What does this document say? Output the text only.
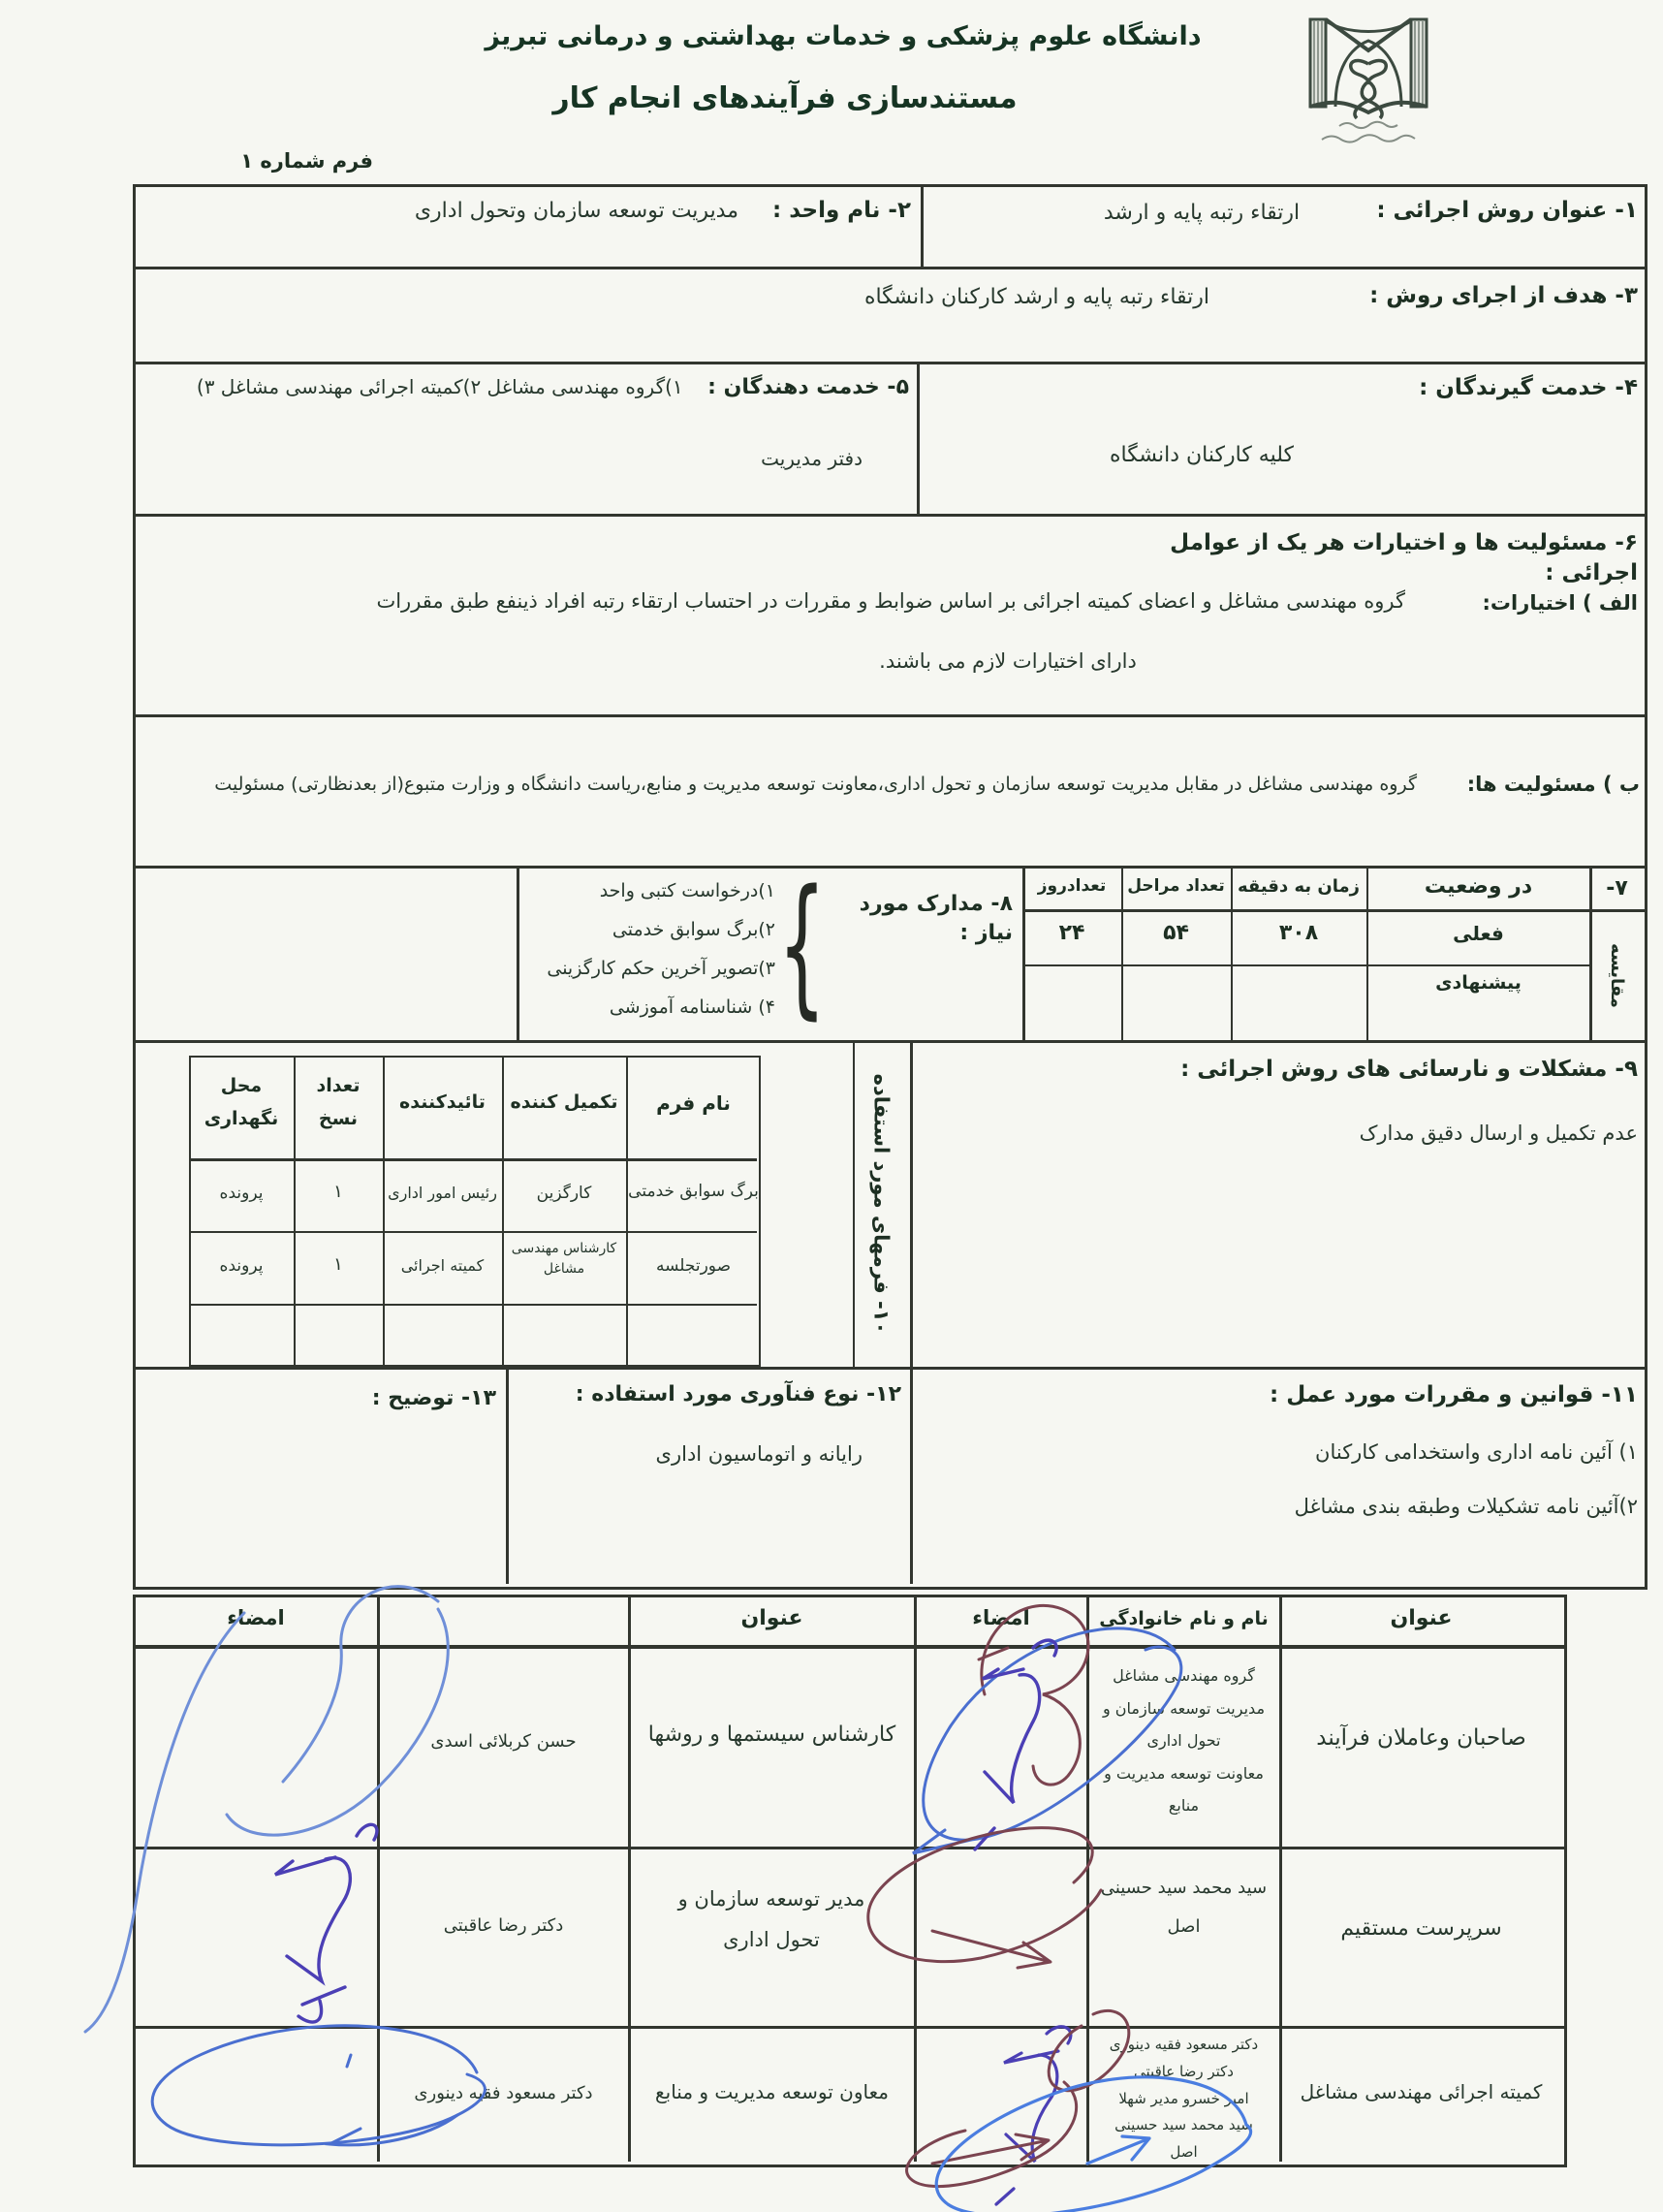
دانشگاه علوم پزشکی و خدمات بهداشتی و درمانی تبریز
مستندسازی فرآیندهای انجام کار
فرم شماره ۱
۱- عنوان روش اجرائی :
ارتقاء رتبه پایه و ارشد
۲- نام واحد :     مدیریت توسعه سازمان وتحول اداری
۳- هدف از اجرای روش :
ارتقاء رتبه پایه و ارشد کارکنان دانشگاه
۴- خدمت گیرندگان :
کلیه کارکنان دانشگاه
۵- خدمت دهندگان :    ۱)گروه مهندسی مشاغل ۲)کمیته اجرائی مهندسی مشاغل ۳)
دفتر مدیریت
۶- مسئولیت ها و اختیارات هر یک از عوامل اجرائی :
الف ) اختیارات:
گروه مهندسی مشاغل و اعضای کمیته اجرائی بر اساس ضوابط و مقررات در احتساب ارتقاء رتبه افراد ذینفع طبق مقررات
دارای اختیارات لازم می باشند.
ب ) مسئولیت ها:
گروه مهندسی مشاغل در مقابل مدیریت توسعه سازمان و تحول اداری،معاونت توسعه مدیریت و منابع،ریاست دانشگاه و وزارت متبوع(از بعدنظارتی) مسئولیت
۷-
مقایسه
در وضعیت
زمان به دقیقه
تعداد مراحل
تعدادروز
فعلی
۳۰۸
۵۴
۲۴
پیشنهادی
۸- مدارک مورد نیاز :
}
۱)درخواست کتبی واحد
۲)برگ سوابق خدمتی
۳)تصویر آخرین حکم کارگزینی
۴) شناسنامه آموزشی
۹- مشکلات و نارسائی های روش اجرائی :
عدم تکمیل و ارسال دقیق مدارک
۱۰- فرمهای مورد استفاده
نام فرم
تکمیل کننده
تائیدکننده
تعداد نسخ
محل نگهداری
برگ سوابق خدمتی
کارگزین
رئیس امور اداری
۱
پرونده
صورتجلسه
کارشناس مهندسی مشاغل
کمیته اجرائی
۱
پرونده
۱۱- قوانین و مقررات مورد عمل :
۱) آئین نامه اداری واستخدامی کارکنان
۲)آئین نامه تشکیلات وطبقه بندی مشاغل
۱۲- نوع فنآوری مورد استفاده :
رایانه و اتوماسیون اداری
۱۳- توضیح :
عنوان
نام و نام خانوادگی
امضاء
عنوان
امضاء
صاحبان وعاملان فرآیند
گروه مهندسی مشاغل
مدیریت توسعه سازمان و
تحول اداری
معاونت توسعه مدیریت و
منابع
کارشناس سیستمها و روشها
حسن کربلائی اسدی
سرپرست مستقیم
سید محمد سید حسینی
اصل
مدیر توسعه سازمان و تحول اداری
دکتر رضا عاقبتی
کمیته اجرائی مهندسی مشاغل
دکتر مسعود فقیه دینوری
دکتر رضا عاقبتی
امیر خسرو مدیر شهلا
سید محمد سید حسینی
اصل
معاون توسعه مدیریت و منابع
دکتر مسعود فقیه دینوری
